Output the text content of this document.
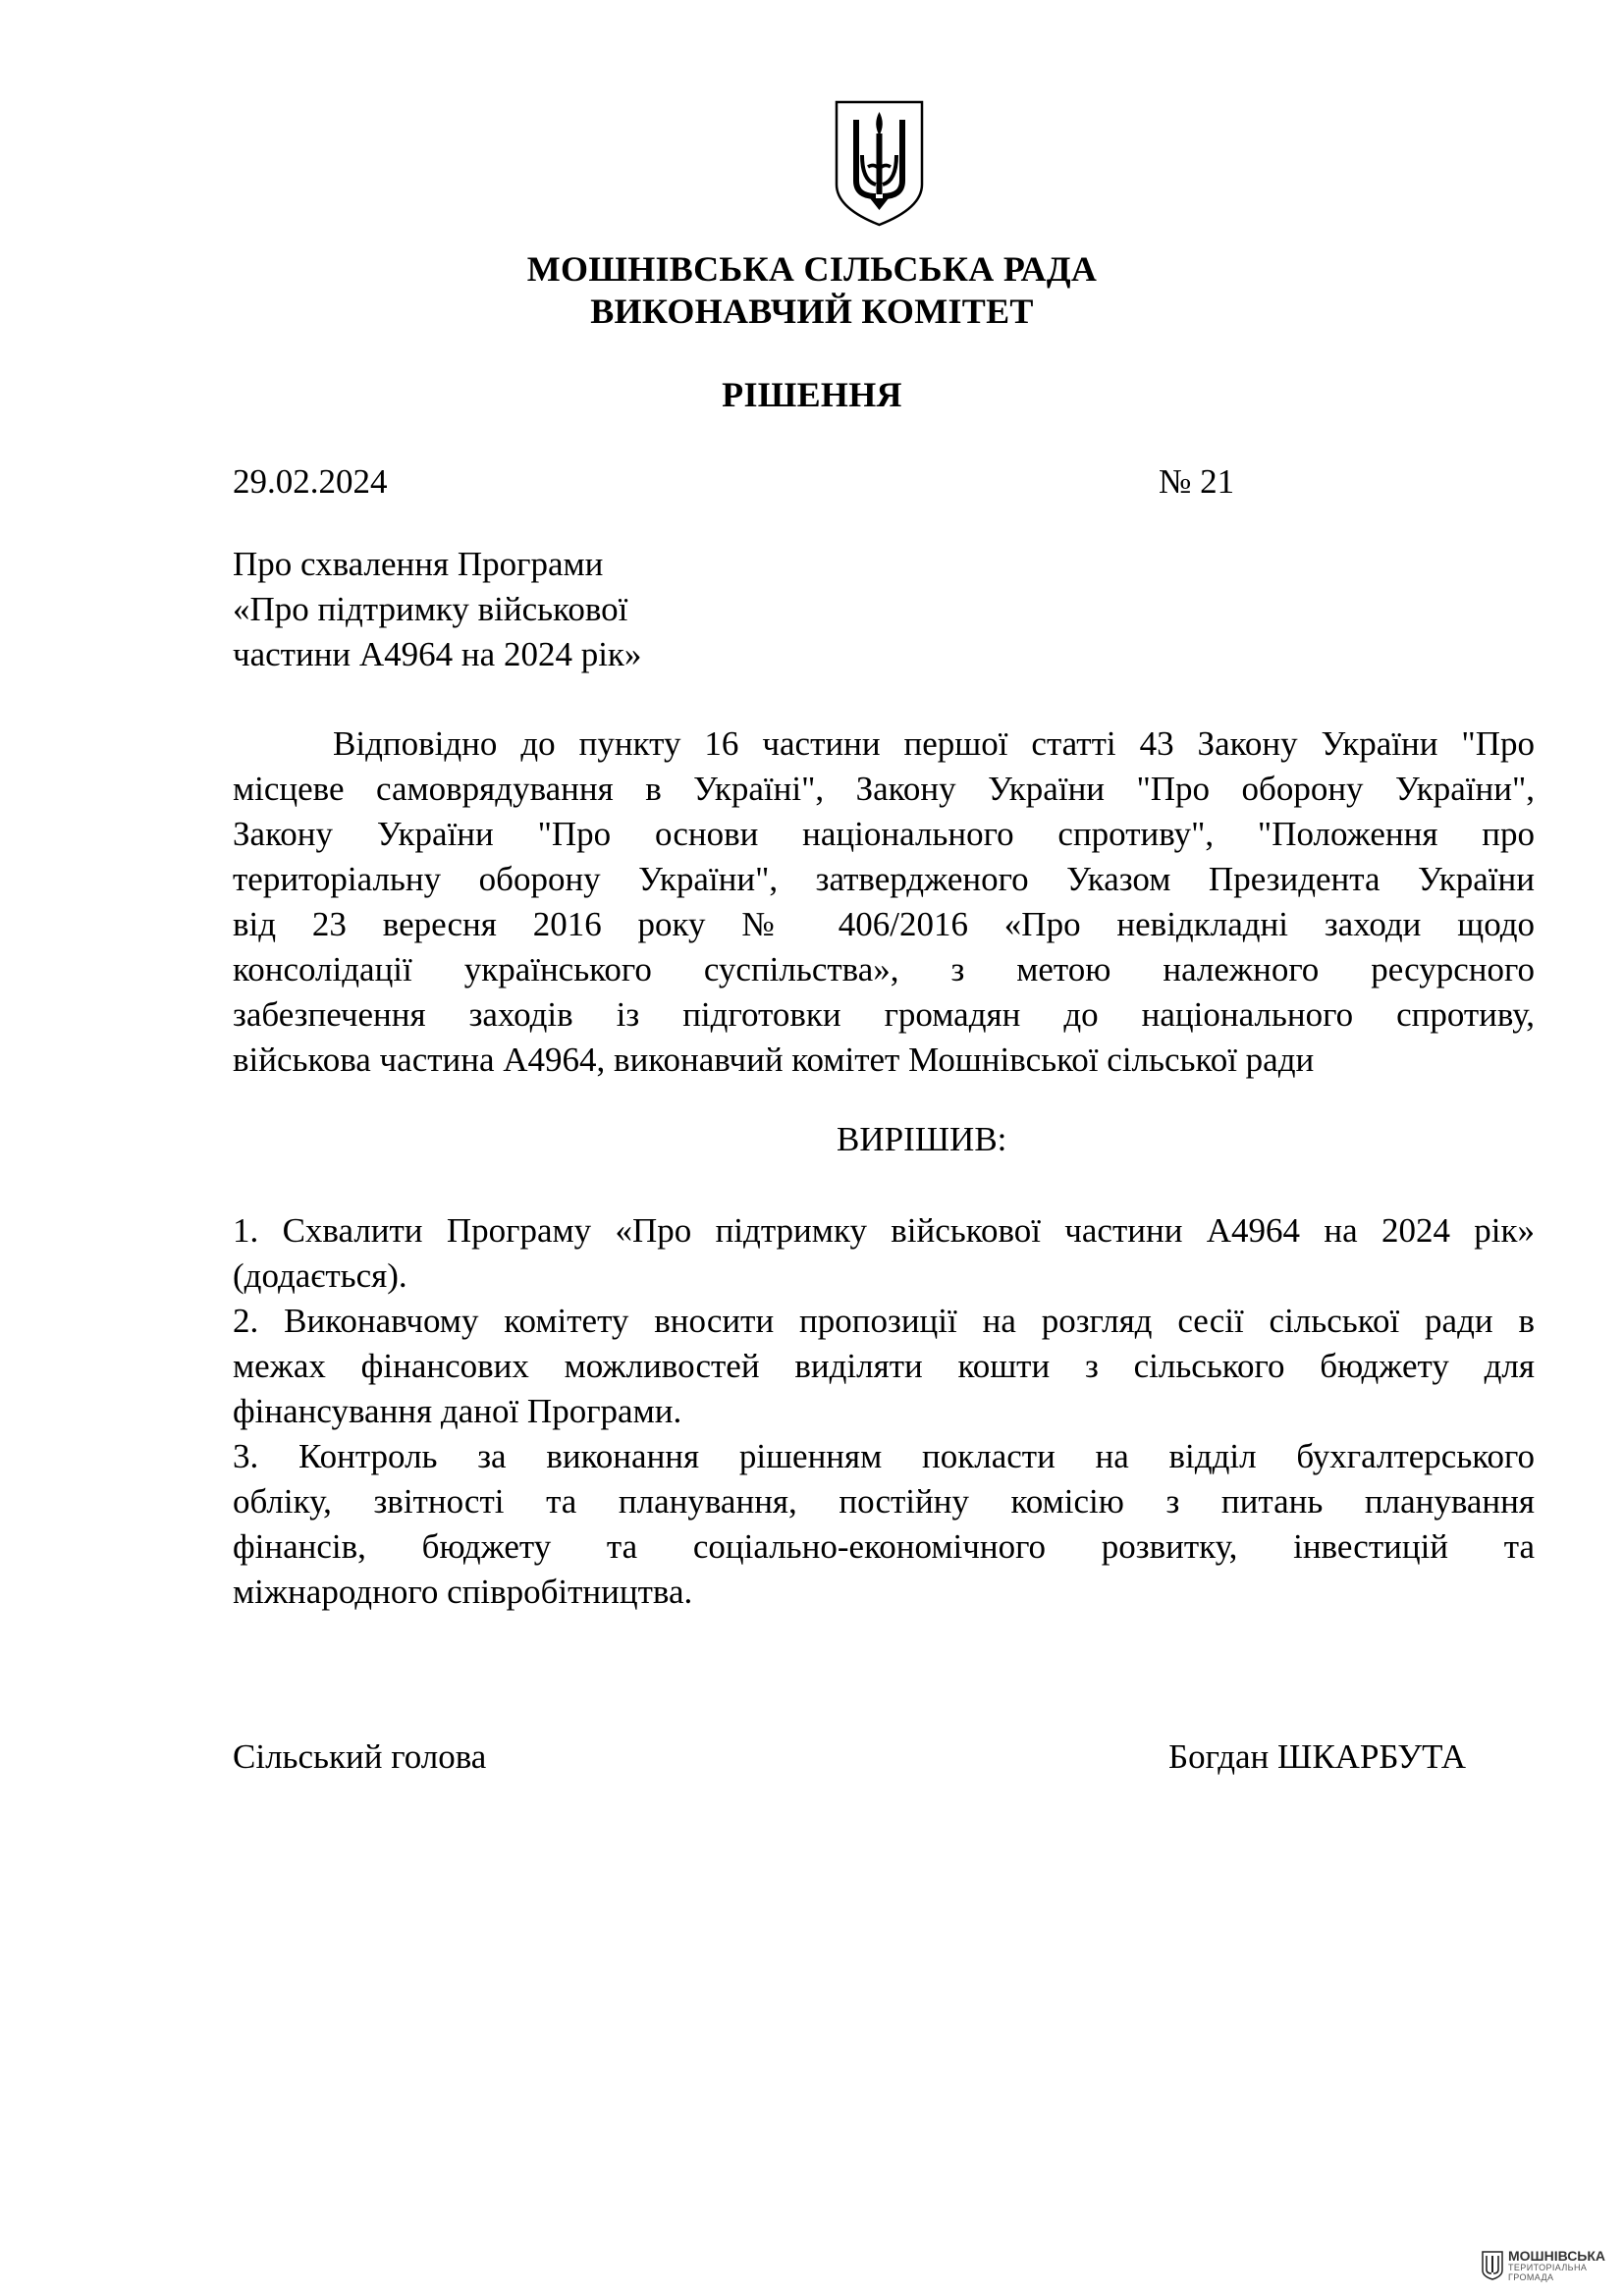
МОШНІВСЬКА СІЛЬСЬКА РАДА
ВИКОНАВЧИЙ КОМІТЕТ
РІШЕННЯ
29.02.2024	№ 21
Про схвалення Програми
«Про підтримку військової
частини А4964 на 2024 рік»
Відповідно до пункту 16 частини першої статті 43 Закону України "Про
місцеве самоврядування в Україні", Закону України "Про оборону України",
Закону України "Про основи національного спротиву", "Положення про
територіальну оборону України", затвердженого Указом Президента України
від 23 вересня 2016 року № 406/2016 «Про невідкладні заходи щодо
консолідації українського суспільства», з метою належного ресурсного
забезпечення заходів із підготовки громадян до національного спротиву,
військова частина А4964, виконавчий комітет Мошнівської сільської ради
ВИРІШИВ:
1. Схвалити Програму «Про підтримку військової частини А4964 на 2024 рік»
(додається).
2. Виконавчому комітету вносити пропозиції на розгляд сесії сільської ради в
межах фінансових можливостей виділяти кошти з сільського бюджету для
фінансування даної Програми.
3. Контроль за виконання рішенням покласти на відділ бухгалтерського
обліку, звітності та планування, постійну комісію з питань планування
фінансів, бюджету та соціально-економічного розвитку, інвестицій та
міжнародного співробітництва.
Сільський голова	Богдан ШКАРБУТА
МОШНІВСЬКА
ТЕРИТОРІАЛЬНА
ГРОМАДА
